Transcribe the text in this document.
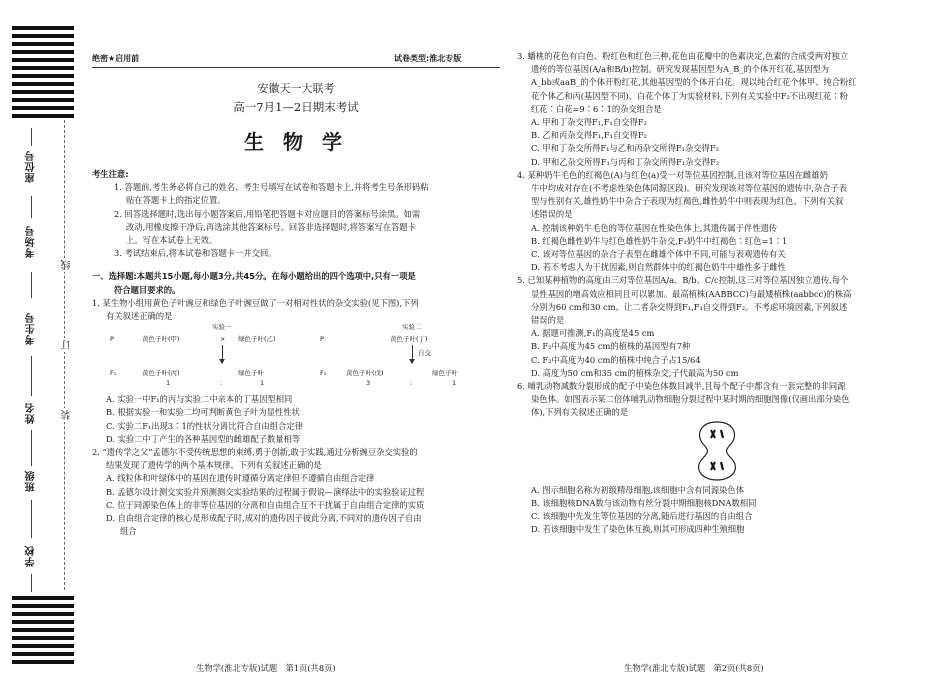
座位号
考场号
考生号
姓名
班级
学校
线
订
装
绝密★启用前	试卷类型:淮北专版
安徽天一大联考
高一7月1—2日期末考试
生 物 学

考生注意:

1. 答题前,考生务必将自己的姓名、考生号填写在试卷和答题卡上,并将考生号条形码粘

贴在答题卡上的指定位置。

2. 回答选择题时,选出每小题答案后,用铅笔把答题卡对应题目的答案标号涂黑。如需

改动,用橡皮擦干净后,再选涂其他答案标号。回答非选择题时,将答案写在答题卡

上。写在本试卷上无效。

3. 考试结束后,将本试卷和答题卡一并交回。

一、选择题:本题共15小题,每小题3分,共45分。在每小题给出的四个选项中,只有一项是

符合题目要求的。

1. 某生物小组用黄色子叶豌豆和绿色子叶豌豆做了一对相对性状的杂交实验(见下图),下列

有关叙述正确的是

实验一
P	黄色子叶(甲)	× 绿色子叶(乙)
F₁	黄色子叶(丙)	绿色子叶
1	:	1
实验二
P	黄色子叶(丁)
自交
F₁	黄色子叶(戊)	绿色子叶
3	:	1

A. 实验一中F₁的丙与实验二中亲本的丁基因型相同

B. 根据实验一和实验二均可判断黄色子叶为显性性状

C. 实验二F₁出现3∶1的性状分离比符合自由组合定律

D. 实验二中丁产生的各种基因型的雌雄配子数量相等

2. “遗传学之父”孟德尔不受传统思想的束缚,勇于创新,敢于实践,通过分析豌豆杂交实验的

结果发现了遗传学的两个基本规律。下列有关叙述正确的是

A. 线粒体和叶绿体中的基因在遗传时遵循分离定律但不遵循自由组合定律

B. 孟德尔设计测交实验并预测测交实验结果的过程属于假说—演绎法中的实验验证过程

C. 位于同源染色体上的非等位基因的分离和自由组合互不干扰属于自由组合定律的实质

D. 自由组合定律的核心是形成配子时,成对的遗传因子彼此分离,不同对的遗传因子自由

组合

生物学(淮北专版)试题　第1页(共8页)

3. 蟠桃的花色有白色、粉红色和红色三种,花色由花瓣中的色素决定,色素的合成受两对独立

遗传的等位基因(A/a和B/b)控制。研究发现基因型为A_B_的个体开红花,基因型为

A_bb或aaB_的个体开粉红花,其他基因型的个体开白花。现以纯合红花个体甲、纯合粉红

花个体乙和丙(基因型不同)、白花个体丁为实验材料,下列有关实验中F₂不出现红花∶粉

红花∶白花=9∶6∶1的杂交组合是

A. 甲和丁杂交得F₁,F₁自交得F₂

B. 乙和丙杂交得F₁,F₁自交得F₂

C. 甲和丁杂交所得F₁与乙和丙杂交所得F₁杂交得F₂

D. 甲和乙杂交所得F₁与丙和丁杂交所得F₁杂交得F₂

4. 某种奶牛毛色的红褐色(A)与红色(a)受一对等位基因控制,且该对等位基因在雌雄奶

牛中均成对存在(不考虑性染色体同源区段)。研究发现该对等位基因的遗传中,杂合子表

型与性别有关,雄性奶牛中杂合子表现为红褐色,雌性奶牛中则表现为红色。下列有关叙

述错误的是

A. 控制该种奶牛毛色的等位基因在性染色体上,其遗传属于伴性遗传

B. 红褐色雌性奶牛与红色雄性奶牛杂交,F₁奶牛中红褐色∶红色=1∶1

C. 该对等位基因的杂合子表型在雌雄个体中不同,可能与表观遗传有关

D. 若不考虑人为干扰因素,则自然群体中的红褐色奶牛中雄性多于雌性

5. 已知某种植物的高度由三对等位基因A/a、B/b、C/c控制,这三对等位基因独立遗传,每个

显性基因的增高效应相同且可以累加。最高植株(AABBCC)与最矮植株(aabbcc)的株高

分别为60 cm和30 cm。让二者杂交得到F₁,F₁自交得到F₂。不考虑环境因素,下列叙述

错误的是

A. 据题可推测,F₁的高度是45 cm

B. F₂中高度为45 cm的植株的基因型有7种

C. F₂中高度为40 cm的植株中纯合子占15/64

D. 高度为50 cm和35 cm的植株杂交,子代最高为50 cm

6. 哺乳动物减数分裂形成的配子中染色体数目减半,且每个配子中都含有一套完整的非同源

染色体。如图表示某二倍体哺乳动物细胞分裂过程中某时期的细胞图像(仅画出部分染色

体),下列有关叙述正确的是

A. 图示细胞名称为初级精母细胞,该细胞中含有同源染色体

B. 该细胞核DNA数与该动物有丝分裂中期细胞核DNA数相同

C. 该细胞中先发生等位基因的分离,随后进行基因的自由组合

D. 若该细胞中发生了染色体互换,则其可形成四种生殖细胞

生物学(淮北专版)试题　第2页(共8页)
